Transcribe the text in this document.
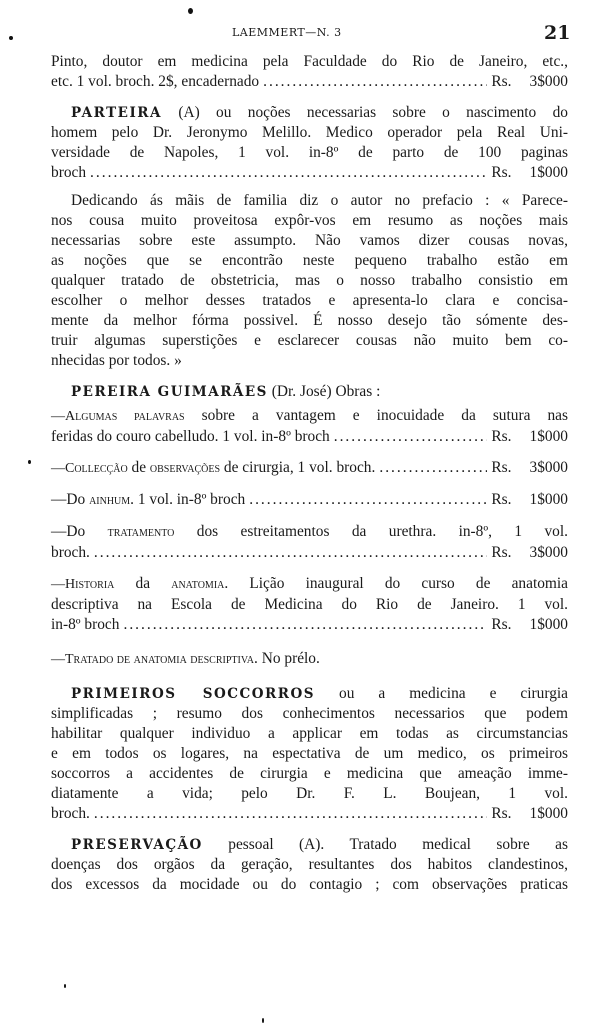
LAEMMERT—N. 3	21
Pinto, doutor em medicina pela Faculdade do Rio de Janeiro, etc.,
etc. 1 vol. broch. 2$, encadernado .....	Rs. 3$000
PARTEIRA (A) ou noções necessarias sobre o nascimento do
homem pelo Dr. Jeronymo Melillo. Medico operador pela Real Uni-
versidade de Napoles, 1 vol. in-8º de parto de 100 paginas
broch .....	Rs. 1$000
Dedicando ás mãis de familia diz o autor no prefacio : « Parece-
nos cousa muito proveitosa expôr-vos em resumo as noções mais
necessarias sobre este assumpto. Não vamos dizer cousas novas,
as noções que se encontrão neste pequeno trabalho estão em
qualquer tratado de obstetricia, mas o nosso trabalho consistio em
escolher o melhor desses tratados e apresenta-lo clara e concisa-
mente da melhor fórma possivel. É nosso desejo tão sómente des-
truir algumas superstições e esclarecer cousas não muito bem co-
nhecidas por todos. »
PEREIRA GUIMARÃES (Dr. José) Obras :
—Algumas palavras sobre a vantagem e inocuidade da sutura nas
feridas do couro cabelludo. 1 vol. in-8º broch .....	Rs. 1$000
—Collecção de observações de cirurgia, 1 vol. broch. .....	Rs. 3$000
—Do ainhum. 1 vol. in-8º broch .....	Rs. 1$000
—Do tratamento dos estreitamentos da urethra. in-8º, 1 vol.
broch. .....	Rs. 3$000
—Historia da anatomia. Lição inaugural do curso de anatomia
descriptiva na Escola de Medicina do Rio de Janeiro. 1 vol.
in-8º broch .....	Rs. 1$000
—Tratado de anatomia descriptiva. No prélo.
PRIMEIROS SOCCORROS ou a medicina e cirurgia
simplificadas ; resumo dos conhecimentos necessarios que podem
habilitar qualquer individuo a applicar em todas as circumstancias
e em todos os logares, na espectativa de um medico, os primeiros
soccorros a accidentes de cirurgia e medicina que ameação imme-
diatamente a vida; pelo Dr. F. L. Boujean, 1 vol.
broch. .....	Rs. 1$000
PRESERVAÇÃO pessoal (A). Tratado medical sobre as
doenças dos orgãos da geração, resultantes dos habitos clandestinos,
dos excessos da mocidade ou do contagio ; com observações praticas
